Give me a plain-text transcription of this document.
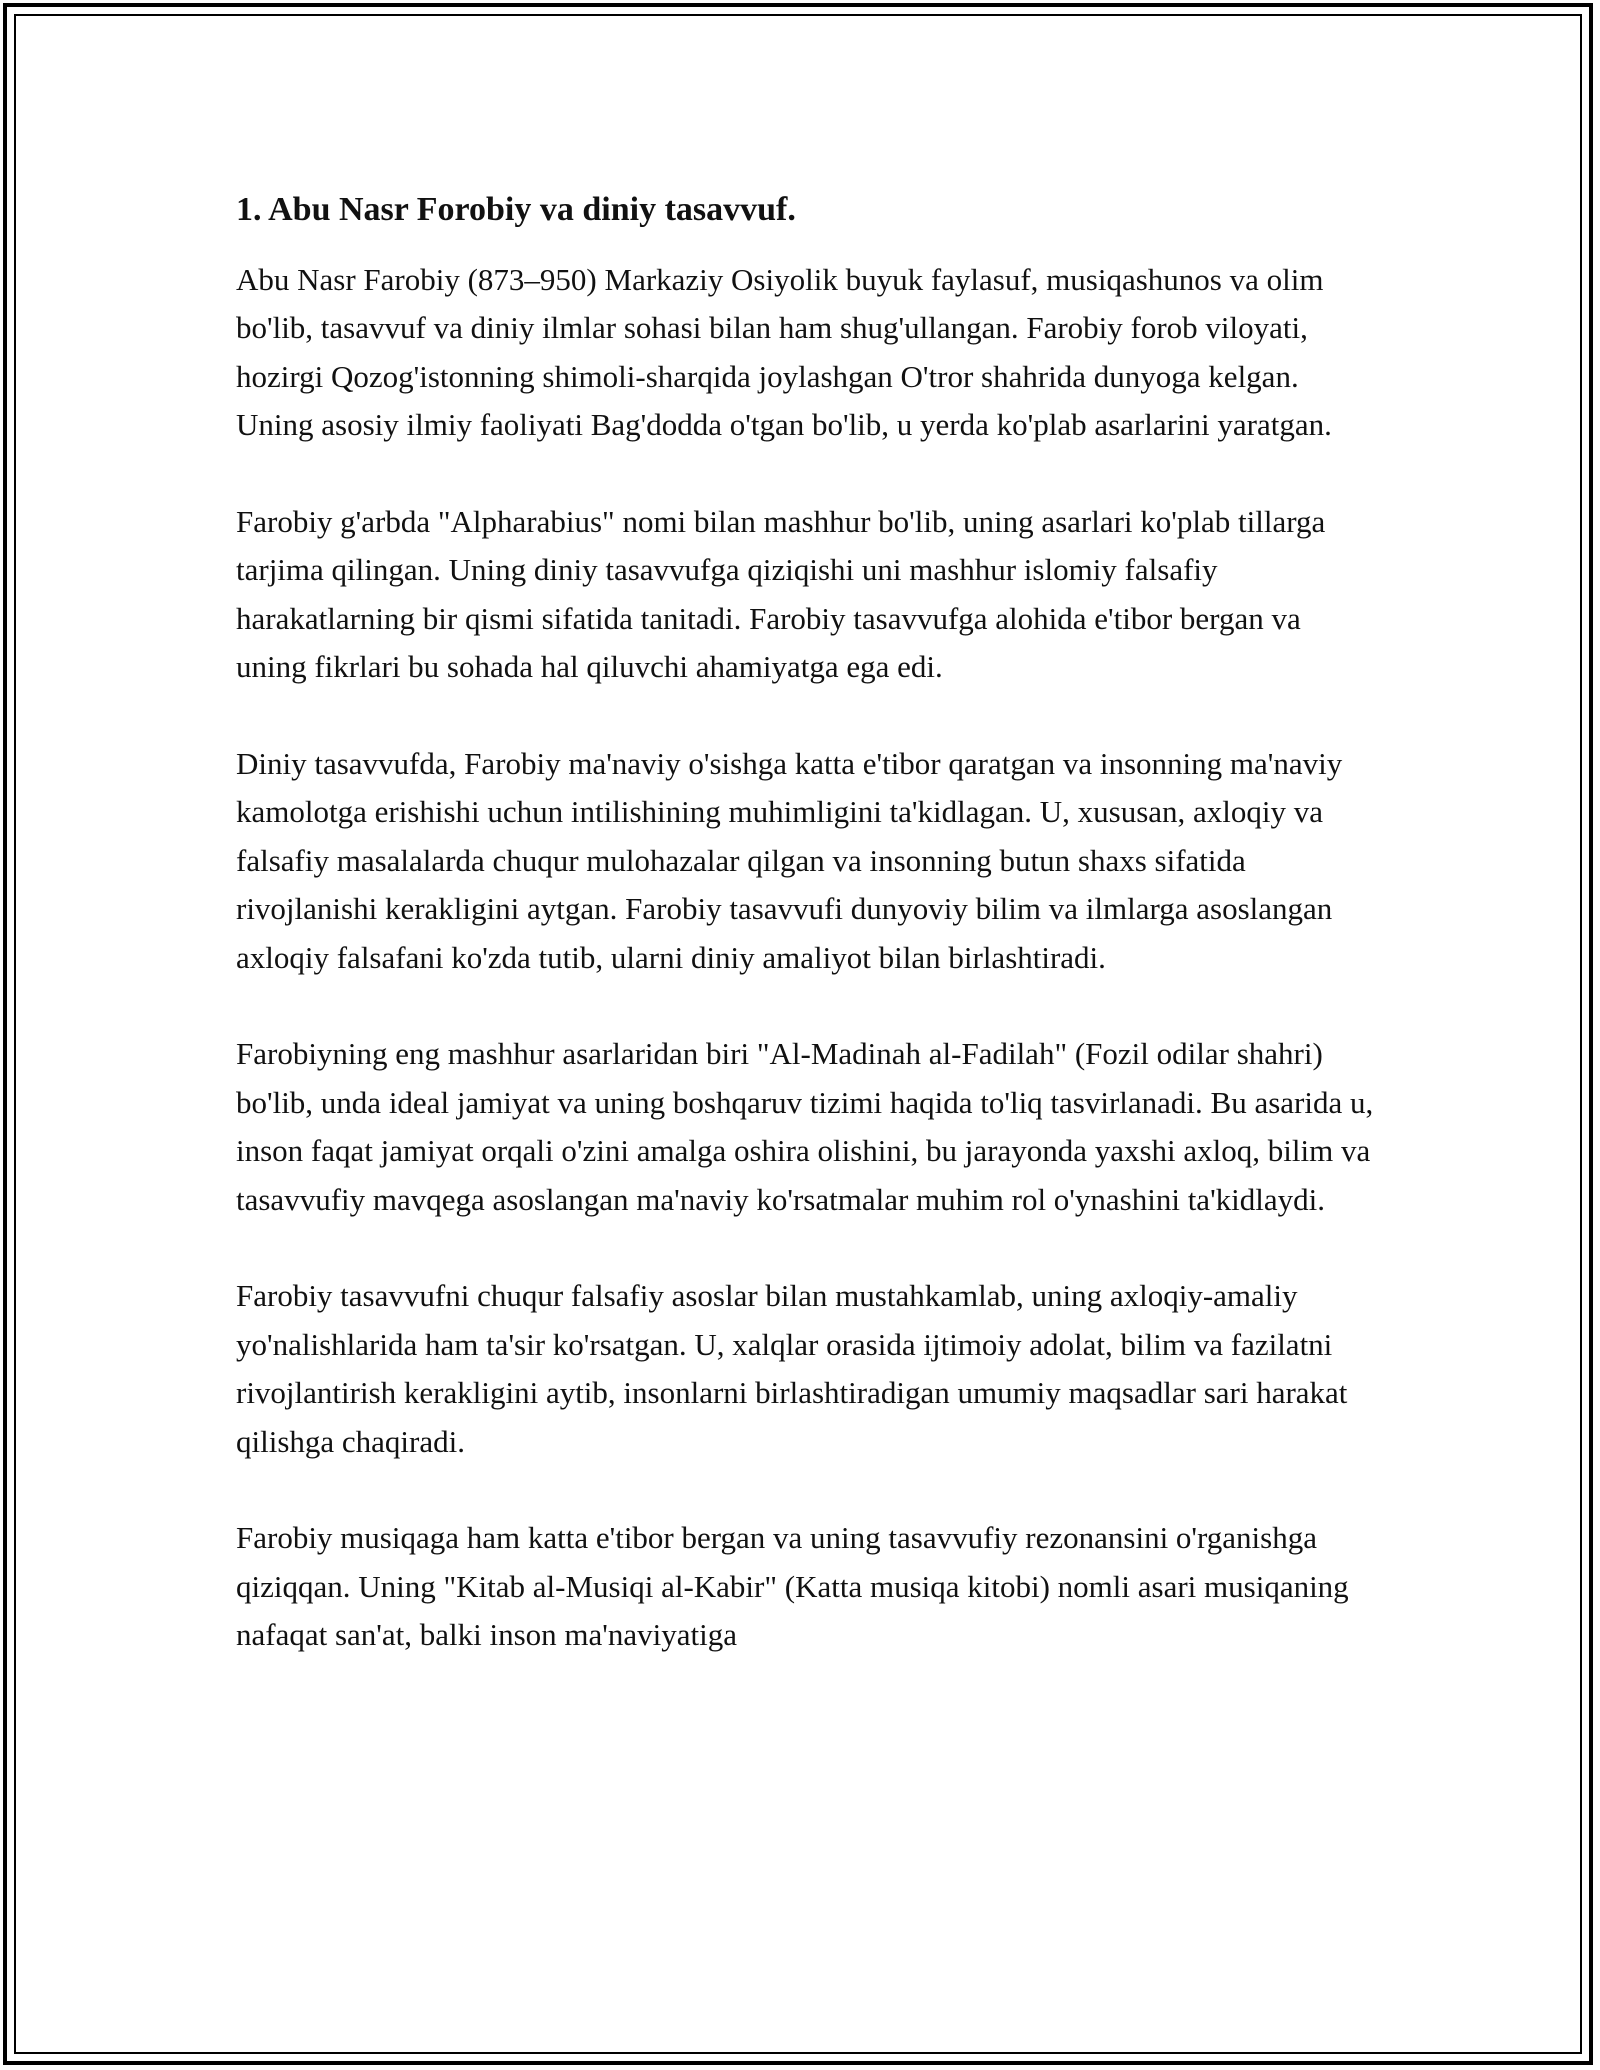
1. Abu Nasr Forobiy va diniy tasavvuf.

Abu Nasr Farobiy (873–950) Markaziy Osiyolik buyuk faylasuf, musiqashunos va olim bo'lib, tasavvuf va diniy ilmlar sohasi bilan ham shug'ullangan. Farobiy forob viloyati, hozirgi Qozog'istonning shimoli-sharqida joylashgan O'tror shahrida dunyoga kelgan. Uning asosiy ilmiy faoliyati Bag'dodda o'tgan bo'lib, u yerda ko'plab asarlarini yaratgan.

Farobiy g'arbda "Alpharabius" nomi bilan mashhur bo'lib, uning asarlari ko'plab tillarga tarjima qilingan. Uning diniy tasavvufga qiziqishi uni mashhur islomiy falsafiy harakatlarning bir qismi sifatida tanitadi. Farobiy tasavvufga alohida e'tibor bergan va uning fikrlari bu sohada hal qiluvchi ahamiyatga ega edi.

Diniy tasavvufda, Farobiy ma'naviy o'sishga katta e'tibor qaratgan va insonning ma'naviy kamolotga erishishi uchun intilishining muhimligini ta'kidlagan. U, xususan, axloqiy va falsafiy masalalarda chuqur mulohazalar qilgan va insonning butun shaxs sifatida rivojlanishi kerakligini aytgan. Farobiy tasavvufi dunyoviy bilim va ilmlarga asoslangan axloqiy falsafani ko'zda tutib, ularni diniy amaliyot bilan birlashtiradi.

Farobiyning eng mashhur asarlaridan biri "Al-Madinah al-Fadilah" (Fozil odilar shahri) bo'lib, unda ideal jamiyat va uning boshqaruv tizimi haqida to'liq tasvirlanadi. Bu asarida u, inson faqat jamiyat orqali o'zini amalga oshira olishini, bu jarayonda yaxshi axloq, bilim va tasavvufiy mavqega asoslangan ma'naviy ko'rsatmalar muhim rol o'ynashini ta'kidlaydi.

Farobiy tasavvufni chuqur falsafiy asoslar bilan mustahkamlab, uning axloqiy-amaliy yo'nalishlarida ham ta'sir ko'rsatgan. U, xalqlar orasida ijtimoiy adolat, bilim va fazilatni rivojlantirish kerakligini aytib, insonlarni birlashtiradigan umumiy maqsadlar sari harakat qilishga chaqiradi.

Farobiy musiqaga ham katta e'tibor bergan va uning tasavvufiy rezonansini o'rganishga qiziqqan. Uning "Kitab al-Musiqi al-Kabir" (Katta musiqa kitobi) nomli asari musiqaning nafaqat san'at, balki inson ma'naviyatiga
